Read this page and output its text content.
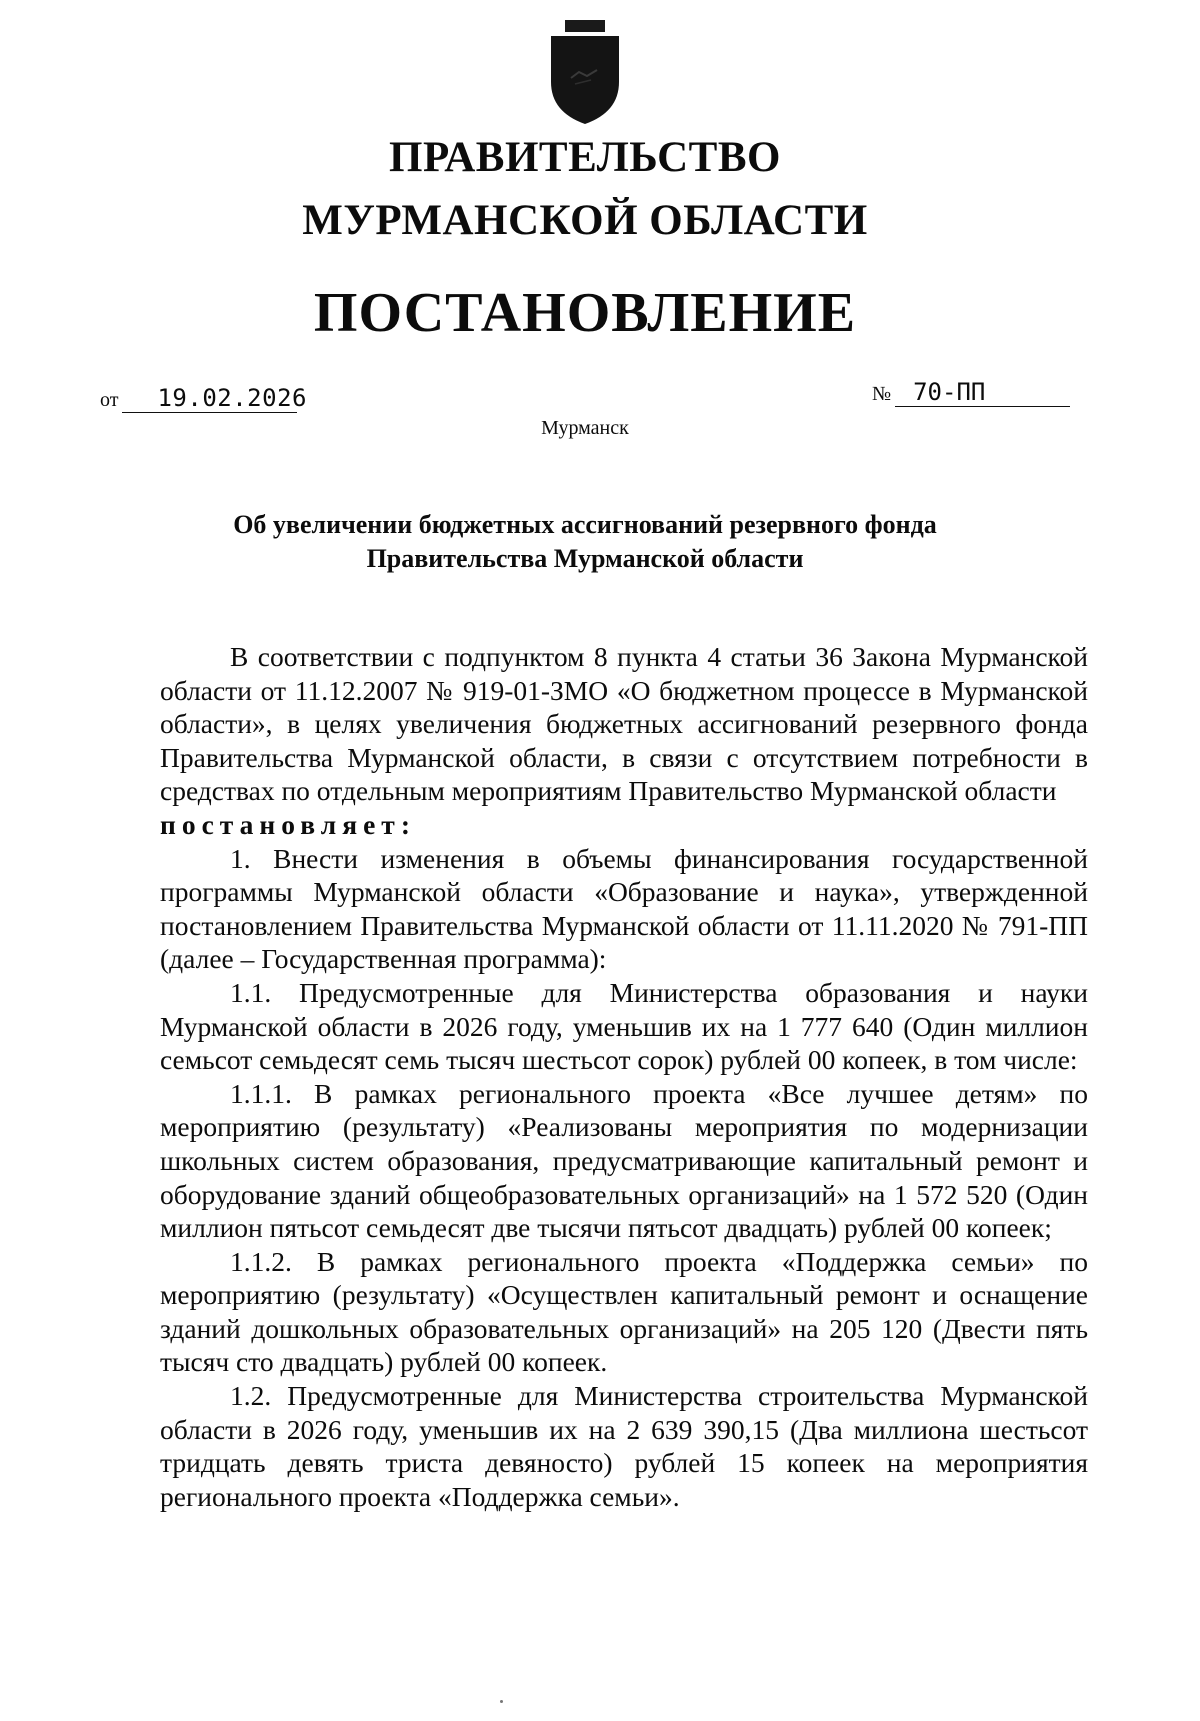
ПРАВИТЕЛЬСТВО
МУРМАНСКОЙ ОБЛАСТИ
ПОСТАНОВЛЕНИЕ
от 19.02.2026	№ 70-ПП

Мурманск

Об увеличении бюджетных ассигнований резервного фонда
Правительства Мурманской области

В соответствии с подпунктом 8 пункта 4 статьи 36 Закона Мурманской области от 11.12.2007 № 919-01-ЗМО «О бюджетном процессе в Мурманской области», в целях увеличения бюджетных ассигнований резервного фонда Правительства Мурманской области, в связи с отсутствием потребности в средствах по отдельным мероприятиям Правительство Мурманской области

постановляет:

1. Внести изменения в объемы финансирования государственной программы Мурманской области «Образование и наука», утвержденной постановлением Правительства Мурманской области от 11.11.2020 № 791-ПП (далее – Государственная программа):

1.1. Предусмотренные для Министерства образования и науки Мурманской области в 2026 году, уменьшив их на 1 777 640 (Один миллион семьсот семьдесят семь тысяч шестьсот сорок) рублей 00 копеек, в том числе:

1.1.1. В рамках регионального проекта «Все лучшее детям» по мероприятию (результату) «Реализованы мероприятия по модернизации школьных систем образования, предусматривающие капитальный ремонт и оборудование зданий общеобразовательных организаций» на 1 572 520 (Один миллион пятьсот семьдесят две тысячи пятьсот двадцать) рублей 00 копеек;

1.1.2. В рамках регионального проекта «Поддержка семьи» по мероприятию (результату) «Осуществлен капитальный ремонт и оснащение зданий дошкольных образовательных организаций» на 205 120 (Двести пять тысяч сто двадцать) рублей 00 копеек.

1.2. Предусмотренные для Министерства строительства Мурманской области в 2026 году, уменьшив их на 2 639 390,15 (Два миллиона шестьсот тридцать девять триста девяносто) рублей 15 копеек на мероприятия регионального проекта «Поддержка семьи».
